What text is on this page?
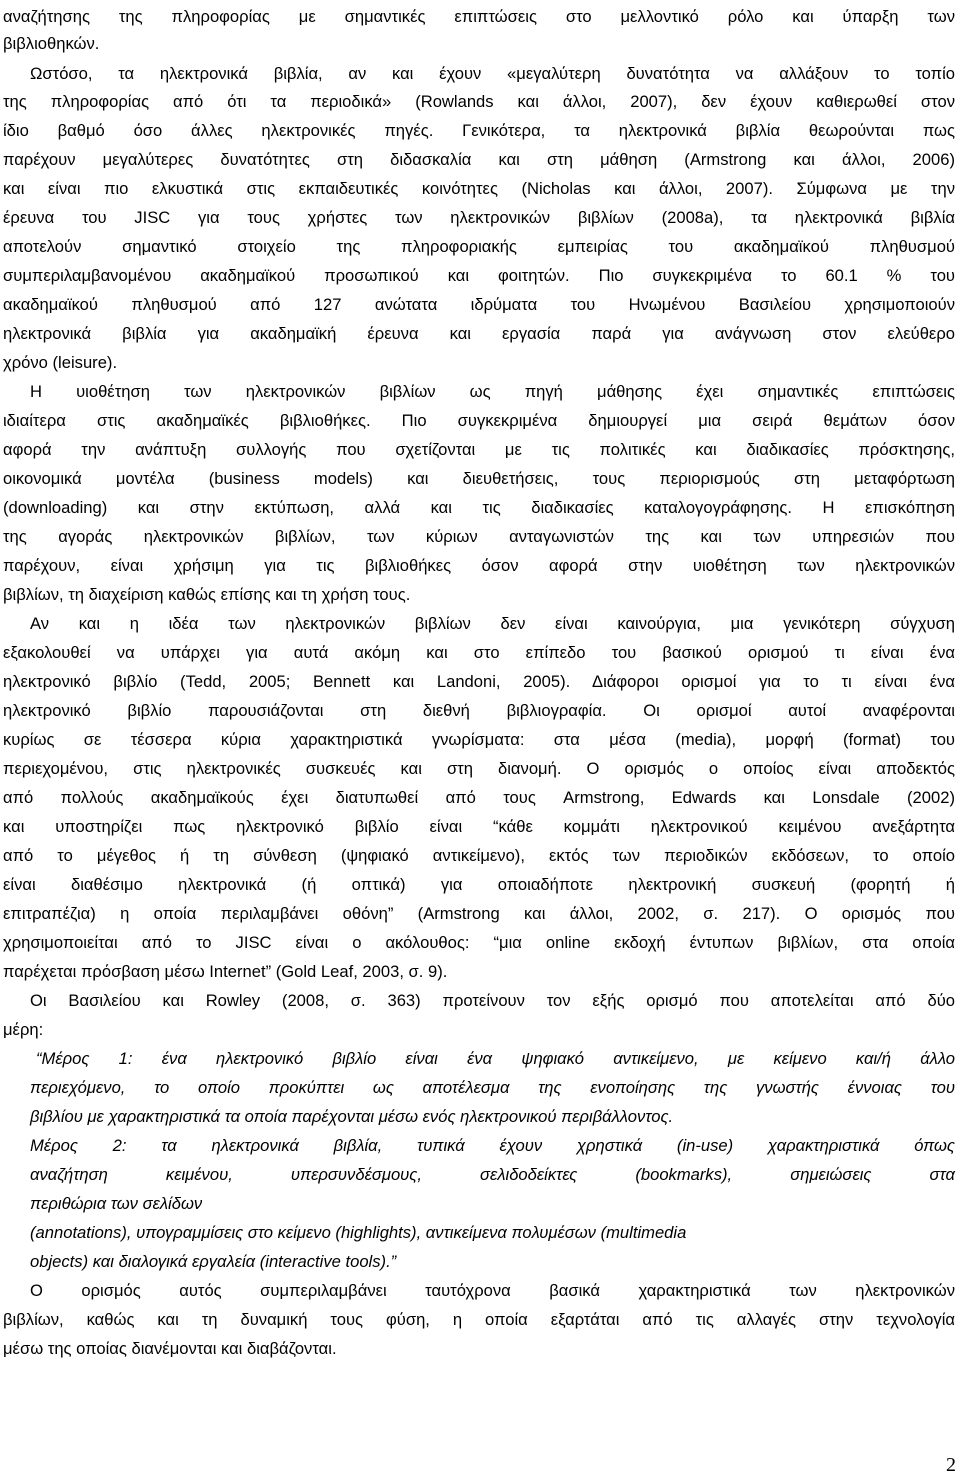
αναζήτησης της πληροφορίας με σημαντικές επιπτώσεις στο μελλοντικό ρόλο και ύπαρξη των
βιβλιοθηκών.
Ωστόσο, τα ηλεκτρονικά βιβλία, αν και έχουν «μεγαλύτερη δυνατότητα να αλλάξουν το τοπίο
της πληροφορίας από ότι τα περιοδικά» (Rowlands και άλλοι, 2007), δεν έχουν καθιερωθεί στον
ίδιο βαθμό όσο άλλες ηλεκτρονικές πηγές. Γενικότερα, τα ηλεκτρονικά βιβλία θεωρούνται πως
παρέχουν μεγαλύτερες δυνατότητες στη διδασκαλία και στη μάθηση (Armstrong και άλλοι, 2006)
και είναι πιο ελκυστικά στις εκπαιδευτικές κοινότητες (Nicholas και άλλοι, 2007). Σύμφωνα με την
έρευνα του JISC για τους χρήστες των ηλεκτρονικών βιβλίων (2008a), τα ηλεκτρονικά βιβλία
αποτελούν σημαντικό στοιχείο της πληροφοριακής εμπειρίας του ακαδημαϊκού πληθυσμού
συμπεριλαμβανομένου ακαδημαϊκού προσωπικού και φοιτητών. Πιο συγκεκριμένα το 60.1 % του
ακαδημαϊκού πληθυσμού από 127 ανώτατα ιδρύματα του Ηνωμένου Βασιλείου χρησιμοποιούν
ηλεκτρονικά βιβλία για ακαδημαϊκή έρευνα και εργασία παρά για ανάγνωση στον ελεύθερο
χρόνο (leisure).
Η υιοθέτηση των ηλεκτρονικών βιβλίων ως πηγή μάθησης έχει σημαντικές επιπτώσεις
ιδιαίτερα στις ακαδημαϊκές βιβλιοθήκες. Πιο συγκεκριμένα δημιουργεί μια σειρά θεμάτων όσον
αφορά την ανάπτυξη συλλογής που σχετίζονται με τις πολιτικές και διαδικασίες πρόσκτησης,
οικονομικά μοντέλα (business models) και διευθετήσεις, τους περιορισμούς στη μεταφόρτωση
(downloading) και στην εκτύπωση, αλλά και τις διαδικασίες καταλογογράφησης. Η επισκόπηση
της αγοράς ηλεκτρονικών βιβλίων, των κύριων ανταγωνιστών της και των υπηρεσιών που
παρέχουν, είναι χρήσιμη για τις βιβλιοθήκες όσον αφορά στην υιοθέτηση των ηλεκτρονικών
βιβλίων, τη διαχείριση καθώς επίσης και τη χρήση τους.
Αν και η ιδέα των ηλεκτρονικών βιβλίων δεν είναι καινούργια, μια γενικότερη σύγχυση
εξακολουθεί να υπάρχει για αυτά ακόμη και στο επίπεδο του βασικού ορισμού τι είναι ένα
ηλεκτρονικό βιβλίο (Tedd, 2005; Bennett και Landoni, 2005). Διάφοροι ορισμοί για το τι είναι ένα
ηλεκτρονικό βιβλίο παρουσιάζονται στη διεθνή βιβλιογραφία. Οι ορισμοί αυτοί αναφέρονται
κυρίως σε τέσσερα κύρια χαρακτηριστικά γνωρίσματα: στα μέσα (media), μορφή (format) του
περιεχομένου, στις ηλεκτρονικές συσκευές και στη διανομή. Ο ορισμός ο οποίος είναι αποδεκτός
από πολλούς ακαδημαϊκούς έχει διατυπωθεί από τους Armstrong, Edwards και Lonsdale (2002)
και υποστηρίζει πως ηλεκτρονικό βιβλίο είναι “κάθε κομμάτι ηλεκτρονικού κειμένου ανεξάρτητα
από το μέγεθος ή τη σύνθεση (ψηφιακό αντικείμενο), εκτός των περιοδικών εκδόσεων, το οποίο
είναι διαθέσιμο ηλεκτρονικά (ή οπτικά) για οποιαδήποτε ηλεκτρονική συσκευή (φορητή ή
επιτραπέζια) η οποία περιλαμβάνει οθόνη” (Armstrong και άλλοι, 2002, σ. 217). Ο ορισμός που
χρησιμοποιείται από το JISC είναι ο ακόλουθος: “μια online εκδοχή έντυπων βιβλίων, στα οποία
παρέχεται πρόσβαση μέσω Internet” (Gold Leaf, 2003, σ. 9).
Οι Βασιλείου και Rowley (2008, σ. 363) προτείνουν τον εξής ορισμό που αποτελείται από δύο
μέρη:
“Μέρος 1: ένα ηλεκτρονικό βιβλίο είναι ένα ψηφιακό αντικείμενο, με κείμενο και/ή άλλο
περιεχόμενο, το οποίο προκύπτει ως αποτέλεσμα της ενοποίησης της γνωστής έννοιας του
βιβλίου με χαρακτηριστικά τα οποία παρέχονται μέσω ενός ηλεκτρονικού περιβάλλοντος.
Μέρος 2: τα ηλεκτρονικά βιβλία, τυπικά έχουν χρηστικά (in-use) χαρακτηριστικά όπως
αναζήτηση κειμένου, υπερσυνδέσμους, σελιδοδείκτες (bookmarks), σημειώσεις στα
περιθώρια των σελίδων
(annotations), υπογραμμίσεις στο κείμενο (highlights), αντικείμενα πολυμέσων (multimedia
objects) και διαλογικά εργαλεία (interactive tools).”
Ο ορισμός αυτός συμπεριλαμβάνει ταυτόχρονα βασικά χαρακτηριστικά των ηλεκτρονικών
βιβλίων, καθώς και τη δυναμική τους φύση, η οποία εξαρτάται από τις αλλαγές στην τεχνολογία
μέσω της οποίας διανέμονται και διαβάζονται.
2
